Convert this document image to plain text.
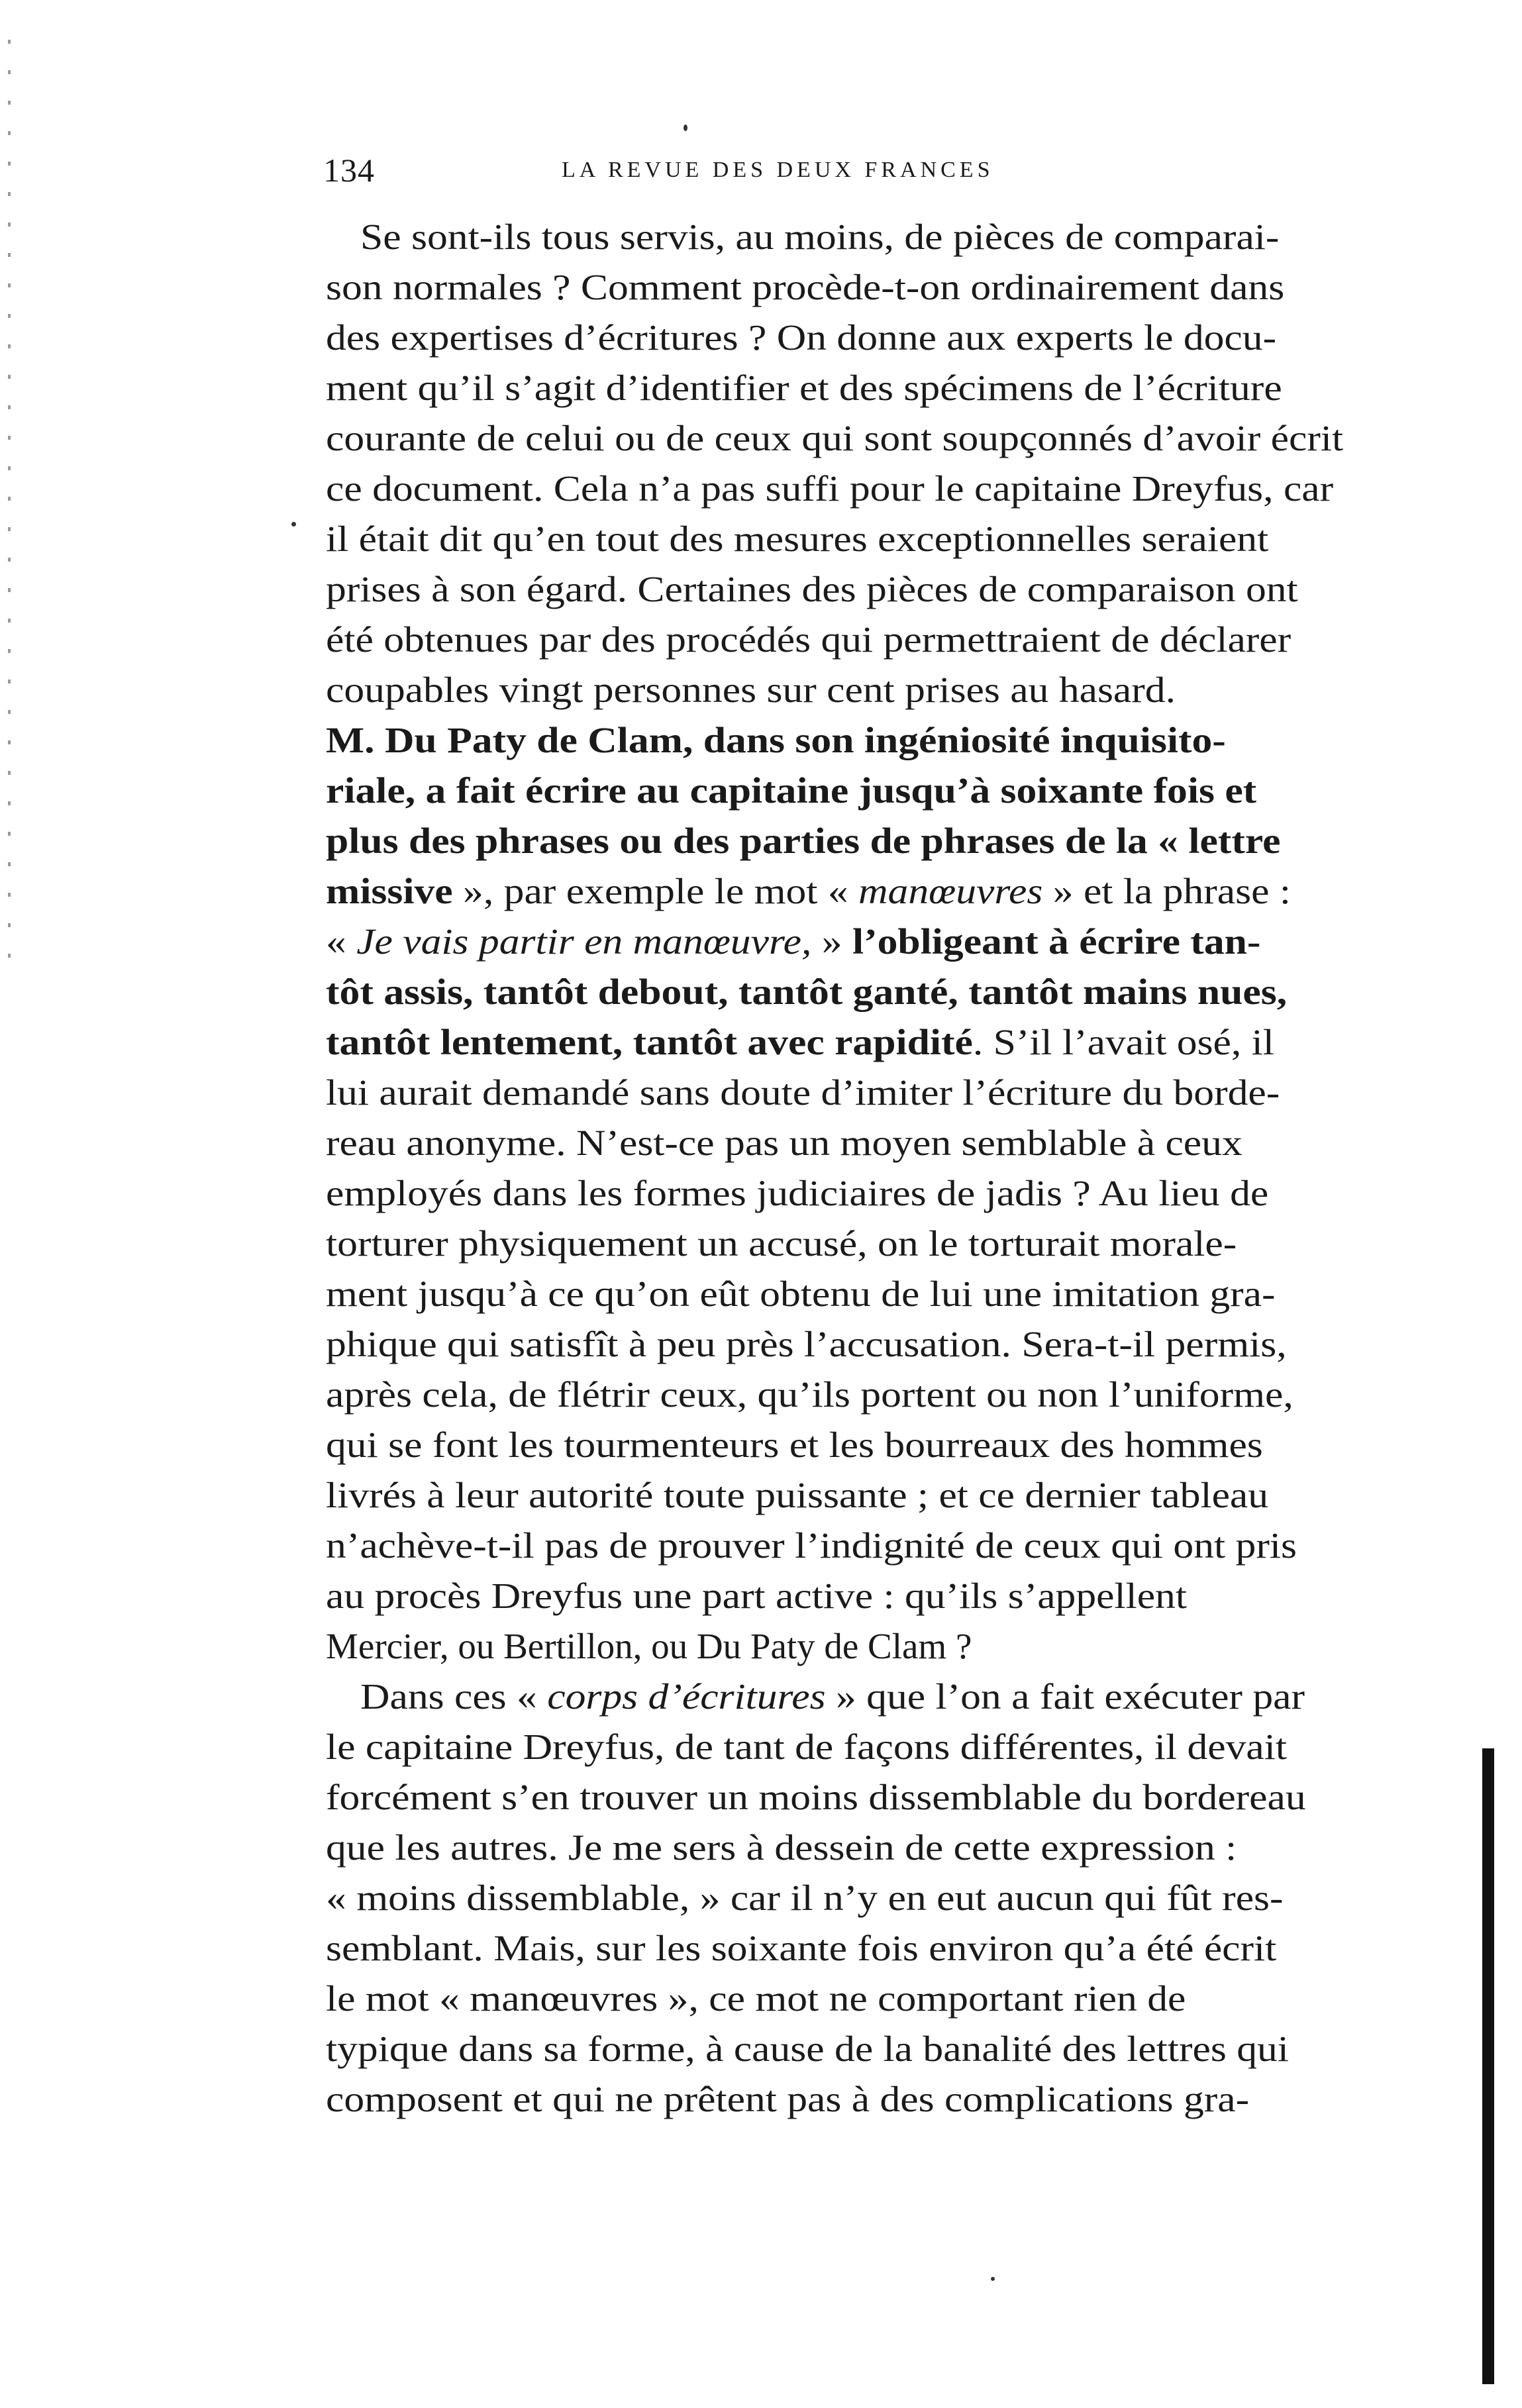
134	LA REVUE DES DEUX FRANCES
Se sont-ils tous servis, au moins, de pièces de comparai-
son normales ? Comment procède-t-on ordinairement dans
des expertises d’écritures ? On donne aux experts le docu-
ment qu’il s’agit d’identifier et des spécimens de l’écriture
courante de celui ou de ceux qui sont soupçonnés d’avoir écrit
ce document. Cela n’a pas suffi pour le capitaine Dreyfus, car
il était dit qu’en tout des mesures exceptionnelles seraient
prises à son égard. Certaines des pièces de comparaison ont
été obtenues par des procédés qui permettraient de déclarer
coupables vingt personnes sur cent prises au hasard.
M. Du Paty de Clam, dans son ingéniosité inquisito-
riale, a fait écrire au capitaine jusqu’à soixante fois et
plus des phrases ou des parties de phrases de la « lettre
missive », par exemple le mot « manœuvres » et la phrase :
« Je vais partir en manœuvre, » l’obligeant à écrire tan-
tôt assis, tantôt debout, tantôt ganté, tantôt mains nues,
tantôt lentement, tantôt avec rapidité. S’il l’avait osé, il
lui aurait demandé sans doute d’imiter l’écriture du borde-
reau anonyme. N’est-ce pas un moyen semblable à ceux
employés dans les formes judiciaires de jadis ? Au lieu de
torturer physiquement un accusé, on le torturait morale-
ment jusqu’à ce qu’on eût obtenu de lui une imitation gra-
phique qui satisfît à peu près l’accusation. Sera-t-il permis,
après cela, de flétrir ceux, qu’ils portent ou non l’uniforme,
qui se font les tourmenteurs et les bourreaux des hommes
livrés à leur autorité toute puissante ; et ce dernier tableau
n’achève-t-il pas de prouver l’indignité de ceux qui ont pris
au procès Dreyfus une part active : qu’ils s’appellent
Mercier, ou Bertillon, ou Du Paty de Clam ?
Dans ces « corps d’écritures » que l’on a fait exécuter par
le capitaine Dreyfus, de tant de façons différentes, il devait
forcément s’en trouver un moins dissemblable du bordereau
que les autres. Je me sers à dessein de cette expression :
« moins dissemblable, » car il n’y en eut aucun qui fût res-
semblant. Mais, sur les soixante fois environ qu’a été écrit
le mot « manœuvres », ce mot ne comportant rien de
typique dans sa forme, à cause de la banalité des lettres qui
composent et qui ne prêtent pas à des complications gra-
